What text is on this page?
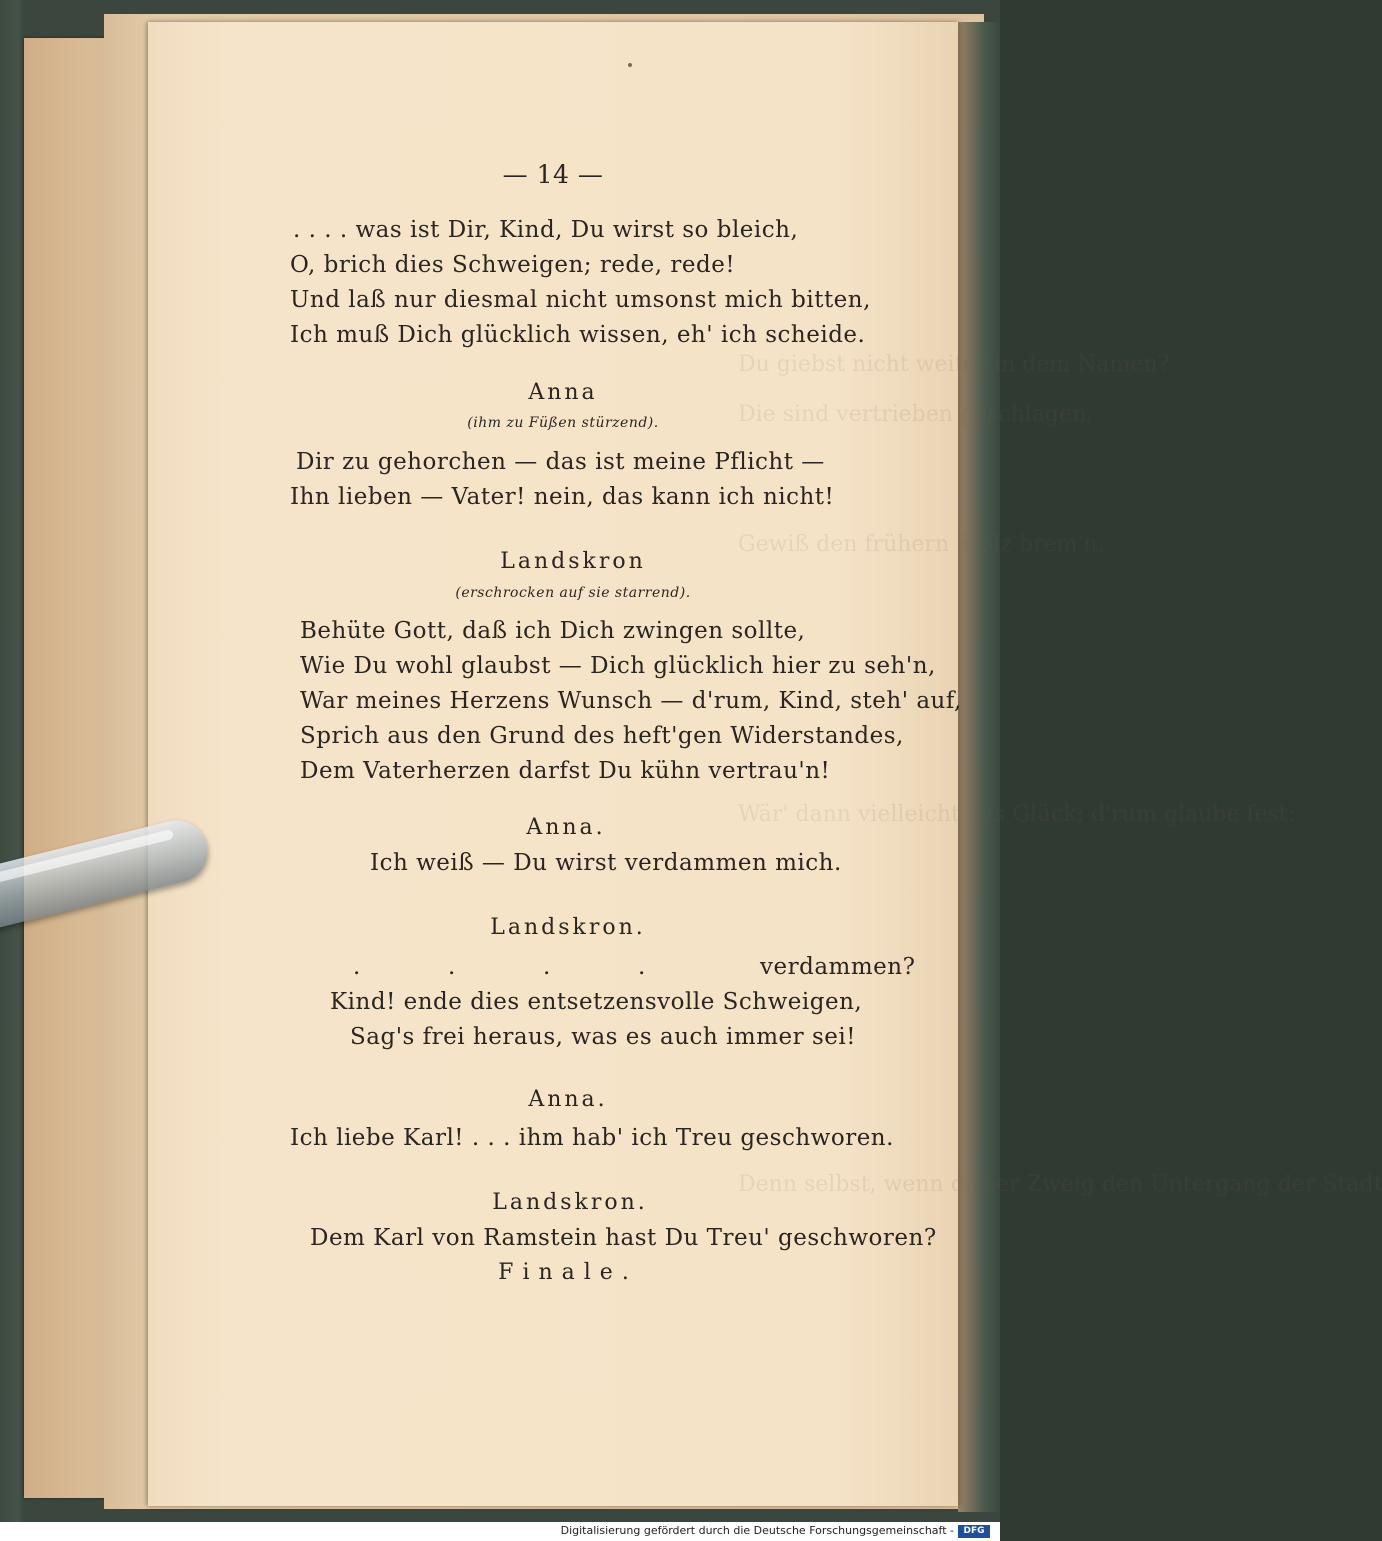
Du giebst nicht weiter in dem Namen?
Die sind vertrieben geschlagen,
Gewiß den frühern Stolz brem'n.
Wär' dann vielleicht das Glück; d'rum glaube fest:
Denn selbst, wenn dieser Zweig den Untergang der Stadt
— 14 —
. . . . was ist Dir, Kind, Du wirst so bleich,
O, brich dies Schweigen; rede, rede!
Und laß nur diesmal nicht umsonst mich bitten,
Ich muß Dich glücklich wissen, eh' ich scheide.
Anna
(ihm zu Füßen stürzend).
Dir zu gehorchen — das ist meine Pflicht —
Ihn lieben — Vater! nein, das kann ich nicht!
Landskron
(erschrocken auf sie starrend).
Behüte Gott, daß ich Dich zwingen sollte,
Wie Du wohl glaubst — Dich glücklich hier zu seh'n,
War meines Herzens Wunsch — d'rum, Kind, steh' auf,
Sprich aus den Grund des heft'gen Widerstandes,
Dem Vaterherzen darfst Du kühn vertrau'n!
Anna.
Ich weiß — Du wirst verdammen mich.
Landskron.
.	.	.	.	verdammen?
Kind! ende dies entsetzensvolle Schweigen,
Sag's frei heraus, was es auch immer sei!
Anna.
Ich liebe Karl! . . . ihm hab' ich Treu geschworen.
Landskron.
Dem Karl von Ramstein hast Du Treu' geschworen?
Finale.
Digitalisierung gefördert durch die Deutsche Forschungsgemeinschaft -	DFG
